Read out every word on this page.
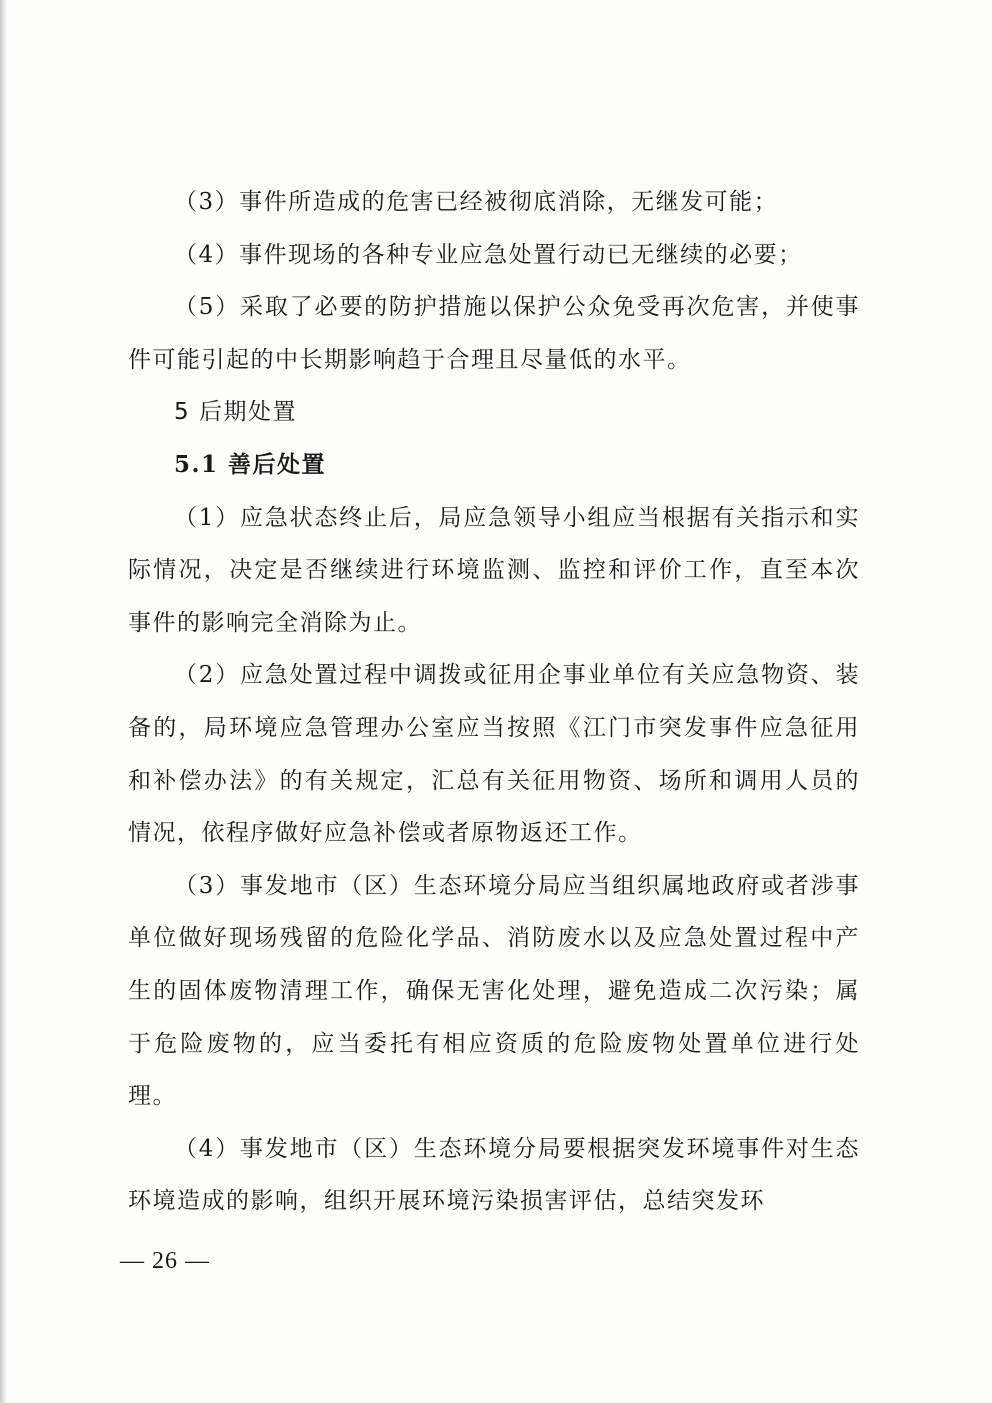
（3）事件所造成的危害已经被彻底消除，无继发可能；

（4）事件现场的各种专业应急处置行动已无继续的必要；

（5）采取了必要的防护措施以保护公众免受再次危害，并使事件可能引起的中长期影响趋于合理且尽量低的水平。

5 后期处置

5.1 善后处置

（1）应急状态终止后，局应急领导小组应当根据有关指示和实际情况，决定是否继续进行环境监测、监控和评价工作，直至本次事件的影响完全消除为止。

（2）应急处置过程中调拨或征用企事业单位有关应急物资、装备的，局环境应急管理办公室应当按照《江门市突发事件应急征用和补偿办法》的有关规定，汇总有关征用物资、场所和调用人员的情况，依程序做好应急补偿或者原物返还工作。

（3）事发地市（区）生态环境分局应当组织属地政府或者涉事单位做好现场残留的危险化学品、消防废水以及应急处置过程中产生的固体废物清理工作，确保无害化处理，避免造成二次污染；属于危险废物的，应当委托有相应资质的危险废物处置单位进行处理。

（4）事发地市（区）生态环境分局要根据突发环境事件对生态环境造成的影响，组织开展环境污染损害评估，总结突发环

— 26 —
